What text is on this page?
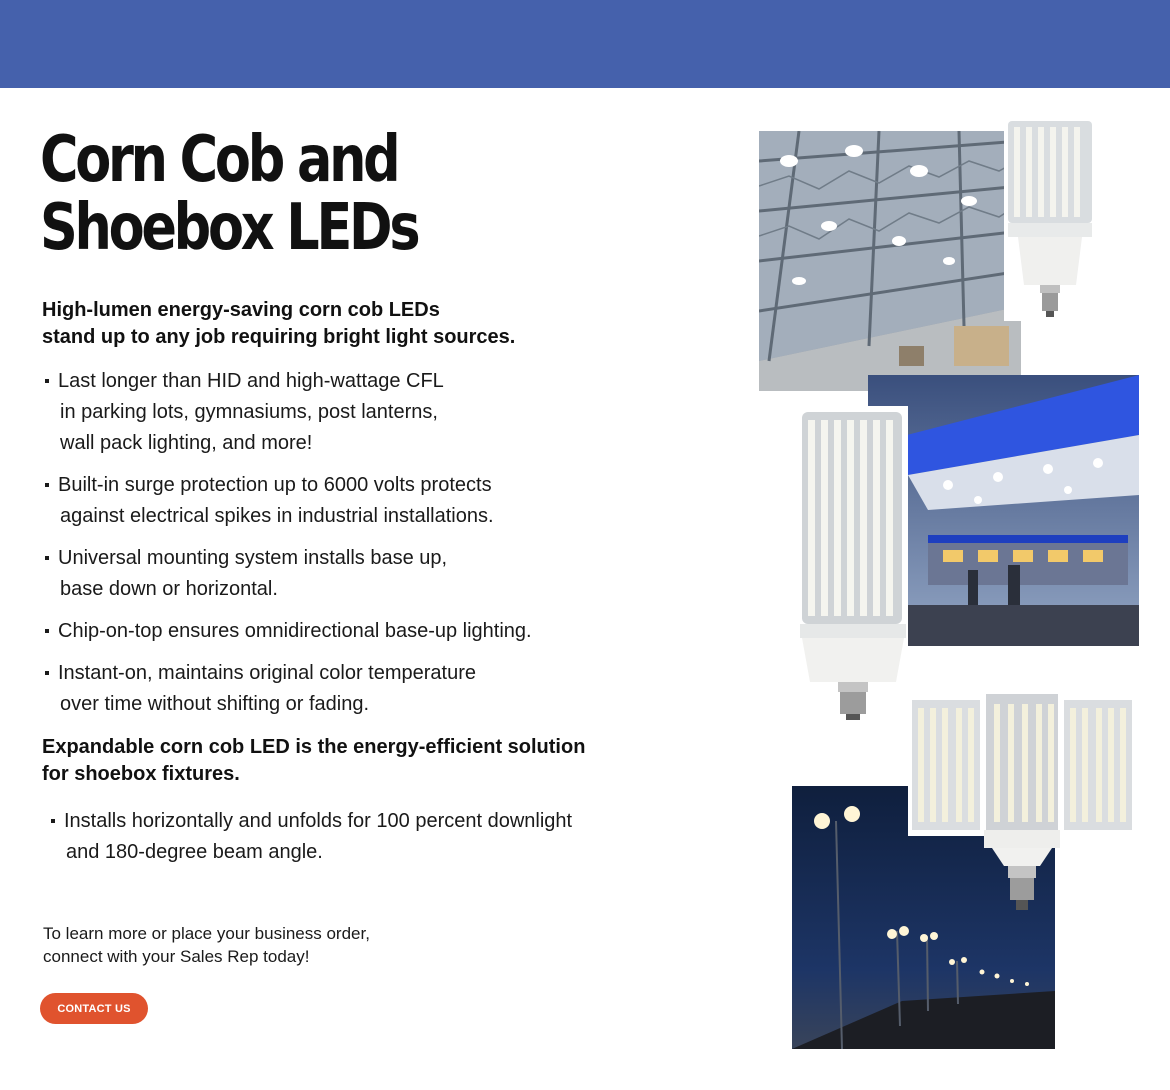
Corn Cob and
Shoebox LEDs

High-lumen energy-saving corn cob LEDs
stand up to any job requiring bright light sources.

Last longer than HID and high-wattage CFL
in parking lots, gymnasiums, post lanterns,
wall pack lighting, and more!
Built-in surge protection up to 6000 volts protects
against electrical spikes in industrial installations.
Universal mounting system installs base up,
base down or horizontal.
Chip-on-top ensures omnidirectional base-up lighting.
Instant-on, maintains original color temperature
over time without shifting or fading.

Expandable corn cob LED is the energy-efficient solution
for shoebox fixtures.

Installs horizontally and unfolds for 100 percent downlight
and 180-degree beam angle.

To learn more or place your business order,
connect with your Sales Rep today!

CONTACT US
